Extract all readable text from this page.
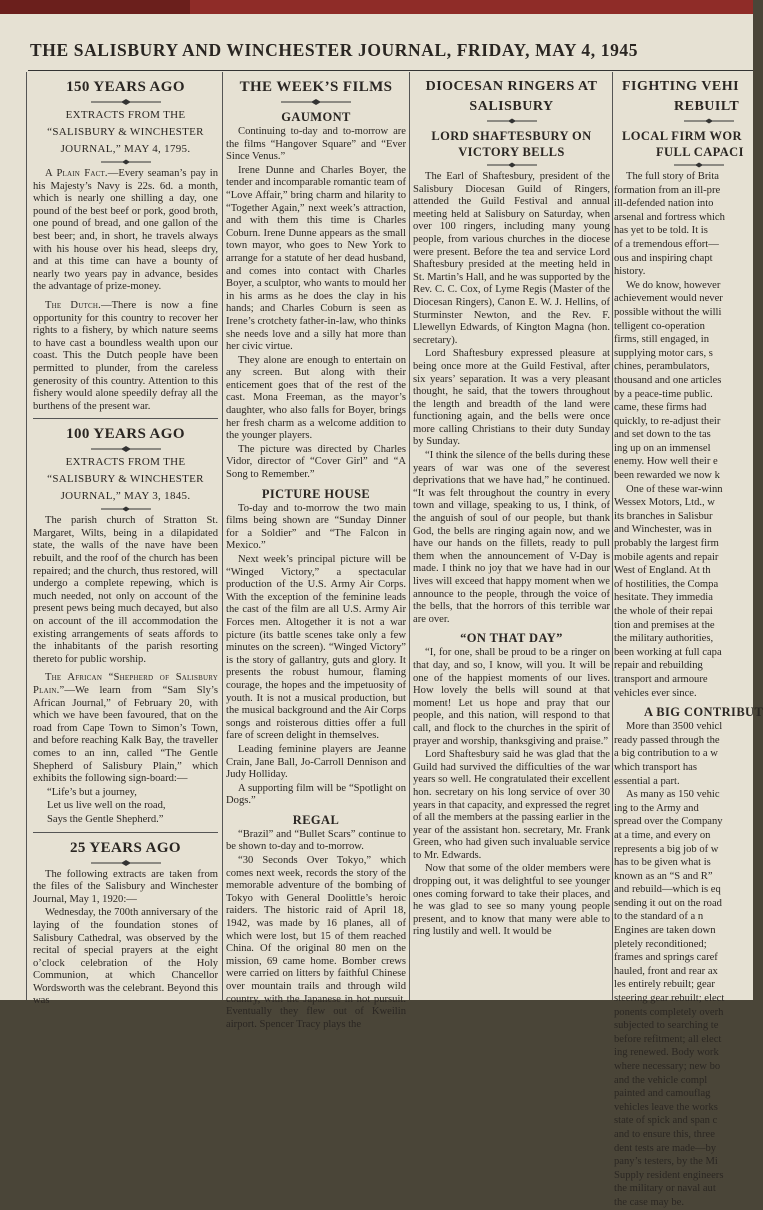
THE SALISBURY AND WINCHESTER JOURNAL, FRIDAY, MAY 4, 1945
150 YEARS AGO
EXTRACTS FROM THE
“SALISBURY & WINCHESTER
JOURNAL,” MAY 4, 1795.

A Plain Fact.—Every seaman’s pay in his Majesty’s Navy is 22s. 6d. a month, which is nearly one shilling a day, one pound of the best beef or pork, good broth, one pound of bread, and one gallon of the best beer; and, in short, he travels always with his house over his head, sleeps dry, and at this time can have a bounty of nearly two years pay in advance, besides the advantage of prize-money.

The Dutch.—There is now a fine opportunity for this country to recover her rights to a fishery, by which nature seems to have cast a boundless wealth upon our coast. This the Dutch people have been permitted to plunder, from the careless generosity of this country. Attention to this fishery would alone speedily defray all the burthens of the present war.

100 YEARS AGO
EXTRACTS FROM THE
“SALISBURY & WINCHESTER
JOURNAL,” MAY 3, 1845.

The parish church of Stratton St. Margaret, Wilts, being in a dilapidated state, the walls of the nave have been rebuilt, and the roof of the church has been repaired; and the church, thus restored, will undergo a complete repewing, which is much needed, not only on account of the present pews being much decayed, but also on account of the ill accommodation the existing arrangements of seats affords to the inhabitants of the parish resorting thereto for public worship.

The African “Shepherd of Salisbury Plain.”—We learn from “Sam Sly’s African Journal,” of February 20, with which we have been favoured, that on the road from Cape Town to Simon’s Town, and before reaching Kalk Bay, the traveller comes to an inn, called “The Gentle Shepherd of Salisbury Plain,” which exhibits the following sign-board:—

“Life’s but a journey,

Let us live well on the road,

Says the Gentle Shepherd.”

25 YEARS AGO

The following extracts are taken from the files of the Salisbury and Winchester Journal, May 1, 1920:—

Wednesday, the 700th anniversary of the laying of the foundation stones of Salisbury Cathedral, was observed by the recital of special prayers at the eight o’clock celebration of the Holy Communion, at which Chancellor Wordsworth was the celebrant. Beyond this was

THE WEEK’S FILMS
GAUMONT

Continuing to-day and to-morrow are the films “Hangover Square” and “Ever Since Venus.”

Irene Dunne and Charles Boyer, the tender and incomparable romantic team of “Love Affair,” bring charm and hilarity to “Together Again,” next week’s attraction, and with them this time is Charles Coburn. Irene Dunne appears as the small town mayor, who goes to New York to arrange for a statute of her dead husband, and comes into contact with Charles Boyer, a sculptor, who wants to mould her in his arms as he does the clay in his hands; and Charles Coburn is seen as Irene’s crotchety father-in-law, who thinks she needs love and a silly hat more than her civic virtue.

They alone are enough to entertain on any screen. But along with their enticement goes that of the rest of the cast. Mona Freeman, as the mayor’s daughter, who also falls for Boyer, brings her fresh charm as a welcome addition to the younger players.

The picture was directed by Charles Vidor, director of “Cover Girl” and “A Song to Remember.”

PICTURE HOUSE

To-day and to-morrow the two main films being shown are “Sunday Dinner for a Soldier” and “The Falcon in Mexico.”

Next week’s principal picture will be “Winged Victory,” a spectacular production of the U.S. Army Air Corps. With the exception of the feminine leads the cast of the film are all U.S. Army Air Forces men. Altogether it is not a war picture (its battle scenes take only a few minutes on the screen). “Winged Victory” is the story of gallantry, guts and glory. It presents the robust humour, flaming courage, the hopes and the impetuosity of youth. It is not a musical production, but the musical background and the Air Corps songs and roisterous ditties offer a full fare of screen delight in themselves.

Leading feminine players are Jeanne Crain, Jane Ball, Jo-Carroll Dennison and Judy Holliday.

A supporting film will be “Spotlight on Dogs.”

REGAL

“Brazil” and “Bullet Scars” continue to be shown to-day and to-morrow.

“30 Seconds Over Tokyo,” which comes next week, records the story of the memorable adventure of the bombing of Tokyo with General Doolittle’s heroic raiders. The historic raid of April 18, 1942, was made by 16 planes, all of which were lost, but 15 of them reached China. Of the original 80 men on the mission, 69 came home. Bomber crews were carried on litters by faithful Chinese over mountain trails and through wild country, with the Japanese in hot pursuit. Eventually they flew out of Kweilin airport. Spencer Tracy plays the

DIOCESAN RINGERS AT
SALISBURY
LORD SHAFTESBURY ON
VICTORY BELLS

The Earl of Shaftesbury, president of the Salisbury Diocesan Guild of Ringers, attended the Guild Festival and annual meeting held at Salisbury on Saturday, when over 100 ringers, including many young people, from various churches in the diocese were present. Before the tea and service Lord Shaftesbury presided at the meeting held in St. Martin’s Hall, and he was supported by the Rev. C. C. Cox, of Lyme Regis (Master of the Diocesan Ringers), Canon E. W. J. Hellins, of Sturminster Newton, and the Rev. F. Llewellyn Edwards, of Kington Magna (hon. secretary).

Lord Shaftesbury expressed pleasure at being once more at the Guild Festival, after six years’ separation. It was a very pleasant thought, he said, that the towers throughout the length and breadth of the land were functioning again, and the bells were once more calling Christians to their duty Sunday by Sunday.

“I think the silence of the bells during these years of war was one of the severest deprivations that we have had,” he continued. “It was felt throughout the country in every town and village, speaking to us, I think, of the anguish of soul of our people, but thank God, the bells are ringing again now, and we have our hands on the fillets, ready to pull them when the announcement of V-Day is made. I think no joy that we have had in our lives will exceed that happy moment when we announce to the people, through the voice of the bells, that the horrors of this terrible war are over.

“ON THAT DAY”

“I, for one, shall be proud to be a ringer on that day, and so, I know, will you. It will be one of the happiest moments of our lives. How lovely the bells will sound at that moment! Let us hope and pray that our people, and this nation, will respond to that call, and flock to the churches in the spirit of prayer and worship, thanksgiving and praise.”

Lord Shaftesbury said he was glad that the Guild had survived the difficulties of the war years so well. He congratulated their excellent hon. secretary on his long service of over 30 years in that capacity, and expressed the regret of all the members at the passing earlier in the year of the assistant hon. secretary, Mr. Frank Green, who had given such invaluable service to Mr. Edwards.

Now that some of the older members were dropping out, it was delightful to see younger ones coming forward to take their places, and he was glad to see so many young people present, and to know that many were able to ring lustily and well. It would be

FIGHTING VEHI
REBUILT
LOCAL FIRM WOR
FULL CAPACI

The full story of Brita

formation from an ill-pre

ill-defended nation into

arsenal and fortress which

has yet to be told. It is

of a tremendous effort—

ous and inspiring chapt

history.

We do know, however

achievement would never

possible without the willi

telligent co-operation

firms, still engaged, in

supplying motor cars, s

chines, perambulators,

thousand and one articles

by a peace-time public.

came, these firms had

quickly, to re-adjust their

and set down to the tas

ing up on an immensel

enemy. How well their e

been rewarded we now k

One of these war-winn

Wessex Motors, Ltd., w

its branches in Salisbur

and Winchester, was in

probably the largest firm

mobile agents and repair

West of England. At th

of hostilities, the Compa

hesitate. They immedia

the whole of their repai

tion and premises at the

the military authorities,

been working at full capa

repair and rebuilding

transport and armoure

vehicles ever since.

A BIG CONTRIBUT

More than 3500 vehicl

ready passed through the

a big contribution to a w

which transport has

essential a part.

As many as 150 vehic

ing to the Army and

spread over the Company

at a time, and every on

represents a big job of w

has to be given what is

known as an “S and R”

and rebuild—which is eq

sending it out on the road

to the standard of a n

Engines are taken down

pletely reconditioned;

frames and springs caref

hauled, front and rear ax

les entirely rebuilt; gear

steering gear rebuilt; elect

ponents completely overh

subjected to searching te

before refitment; all elect

ing renewed. Body work

where necessary; new bo

and the vehicle compl

painted and camouflag

vehicles leave the works

state of spick and span c

and to ensure this, three

dent tests are made—by

pany’s testers, by the Mi

Supply resident engineers

the military or naval aut

the case may be.
